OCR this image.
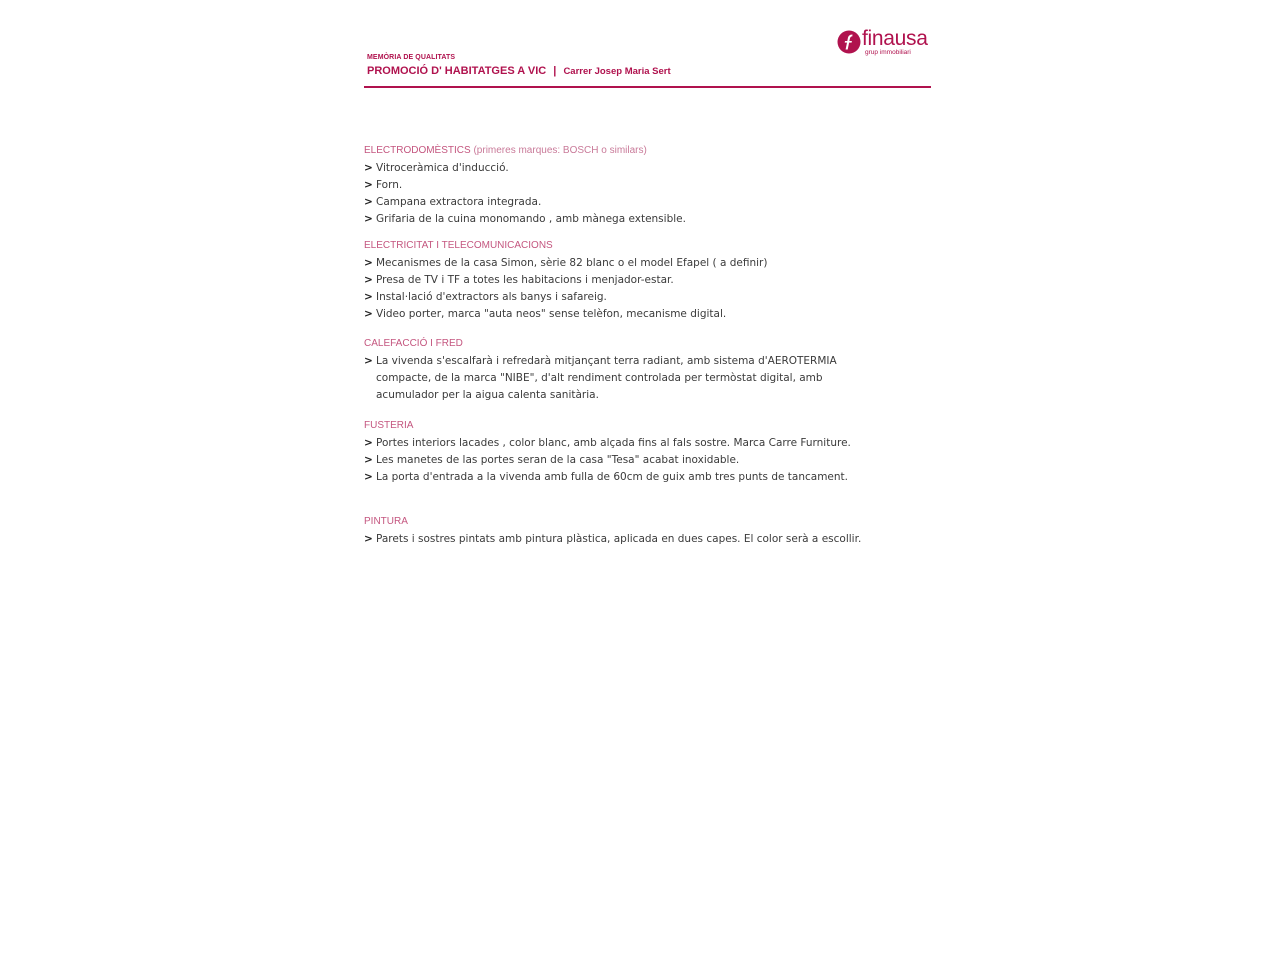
MEMÒRIA DE QUALITATS
PROMOCIÓ D' HABITATGES A VIC | Carrer Josep Maria Sert
finausa
grup immobiliari
ELECTRODOMÈSTICS (primeres marques: BOSCH o similars)
> Vitroceràmica d'inducció.
> Forn.
> Campana extractora integrada.
> Grifaria de la cuina monomando , amb mànega extensible.
ELECTRICITAT I TELECOMUNICACIONS
> Mecanismes de la casa Simon, sèrie 82 blanc o el model Efapel ( a definir)
> Presa de TV i TF a totes les habitacions i menjador-estar.
> Instal·lació d'extractors als banys i safareig.
> Video porter, marca "auta neos" sense telèfon, mecanisme digital.
CALEFACCIÓ I FRED
> La vivenda s'escalfarà i refredarà mitjançant terra radiant, amb sistema d'AEROTERMIA
compacte, de la marca "NIBE", d'alt rendiment controlada per termòstat digital, amb
acumulador per la aigua calenta sanitària.
FUSTERIA
> Portes interiors lacades , color blanc, amb alçada fins al fals sostre. Marca Carre Furniture.
> Les manetes de las portes seran de la casa "Tesa" acabat inoxidable.
> La porta d'entrada a la vivenda amb fulla de 60cm de guix amb tres punts de tancament.
PINTURA
> Parets i sostres pintats amb pintura plàstica, aplicada en dues capes. El color serà a escollir.
